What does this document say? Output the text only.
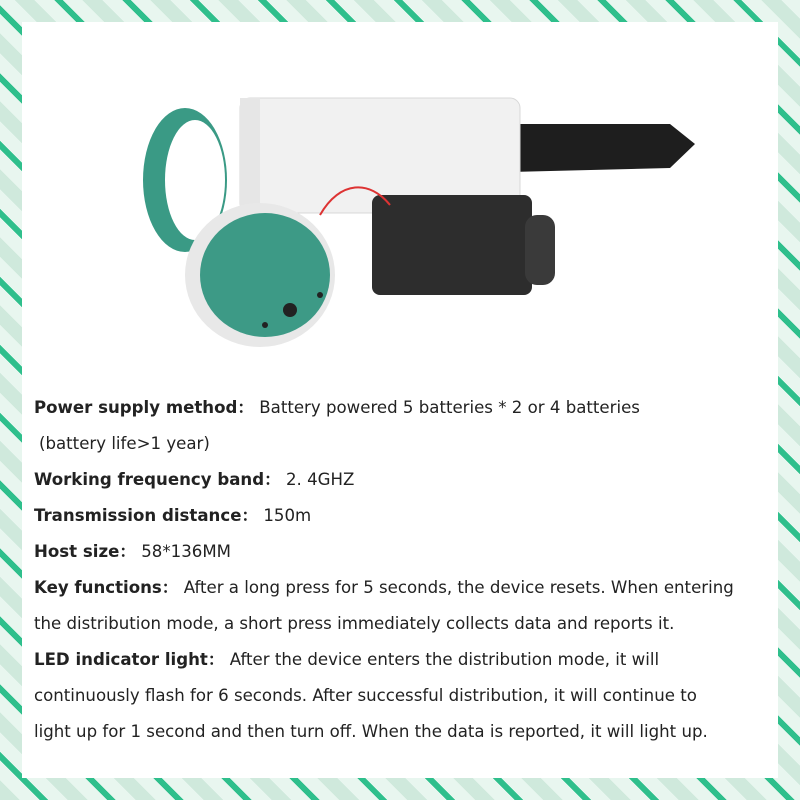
Power supply method： Battery powered 5 batteries * 2 or 4 batteries
(battery life>1 year)
Working frequency band： 2. 4GHZ
Transmission distance： 150m
Host size： 58*136MM
Key functions： After a long press for 5 seconds, the device resets. When entering
the distribution mode, a short press immediately collects data and reports it.
LED indicator light： After the device enters the distribution mode, it will
continuously flash for 6 seconds. After successful distribution, it will continue to
light up for 1 second and then turn off. When the data is reported, it will light up.
